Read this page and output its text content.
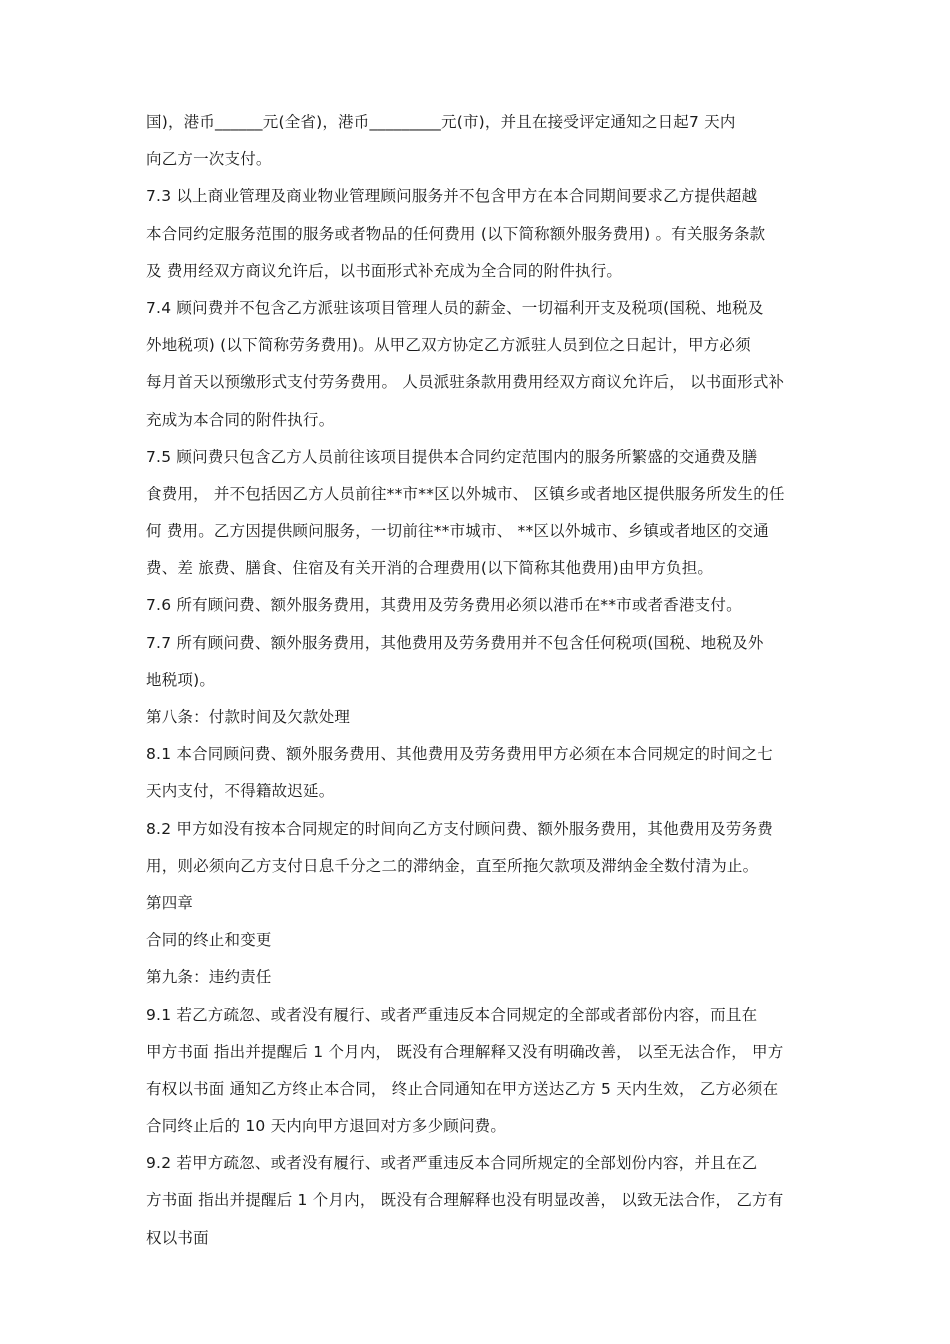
国)，港币______元(全省)，港币_________元(市)，并且在接受评定通知之日起7 天内
向乙方一次支付。
7.3 以上商业管理及商业物业管理顾问服务并不包含甲方在本合同期间要求乙方提供超越
本合同约定服务范围的服务或者物品的任何费用 (以下简称额外服务费用) 。有关服务条款
及 费用经双方商议允许后，以书面形式补充成为全合同的附件执行。
7.4 顾问费并不包含乙方派驻该项目管理人员的薪金、一切福利开支及税项(国税、地税及
外地税项) (以下简称劳务费用)。从甲乙双方协定乙方派驻人员到位之日起计，甲方必须
每月首天以预缴形式支付劳务费用。 人员派驻条款用费用经双方商议允许后， 以书面形式补
充成为本合同的附件执行。
7.5 顾问费只包含乙方人员前往该项目提供本合同约定范围内的服务所繁盛的交通费及膳
食费用， 并不包括因乙方人员前往**市**区以外城市、 区镇乡或者地区提供服务所发生的任
何 费用。乙方因提供顾问服务，一切前往**市城市、 **区以外城市、乡镇或者地区的交通
费、差 旅费、膳食、住宿及有关开消的合理费用(以下简称其他费用)由甲方负担。
7.6 所有顾问费、额外服务费用，其费用及劳务费用必须以港币在**市或者香港支付。
7.7 所有顾问费、额外服务费用，其他费用及劳务费用并不包含任何税项(国税、地税及外
地税项)。
第八条：付款时间及欠款处理
8.1 本合同顾问费、额外服务费用、其他费用及劳务费用甲方必须在本合同规定的时间之七
天内支付，不得籍故迟延。
8.2 甲方如没有按本合同规定的时间向乙方支付顾问费、额外服务费用，其他费用及劳务费
用，则必须向乙方支付日息千分之二的滞纳金，直至所拖欠款项及滞纳金全数付清为止。
第四章
合同的终止和变更
第九条：违约责任
9.1 若乙方疏忽、或者没有履行、或者严重违反本合同规定的全部或者部份内容，而且在
甲方书面 指出并提醒后 1 个月内， 既没有合理解释又没有明确改善， 以至无法合作， 甲方
有权以书面 通知乙方终止本合同， 终止合同通知在甲方送达乙方 5 天内生效， 乙方必须在
合同终止后的 10 天内向甲方退回对方多少顾问费。
9.2 若甲方疏忽、或者没有履行、或者严重违反本合同所规定的全部划份内容，并且在乙
方书面 指出并提醒后 1 个月内， 既没有合理解释也没有明显改善， 以致无法合作， 乙方有
权以书面
